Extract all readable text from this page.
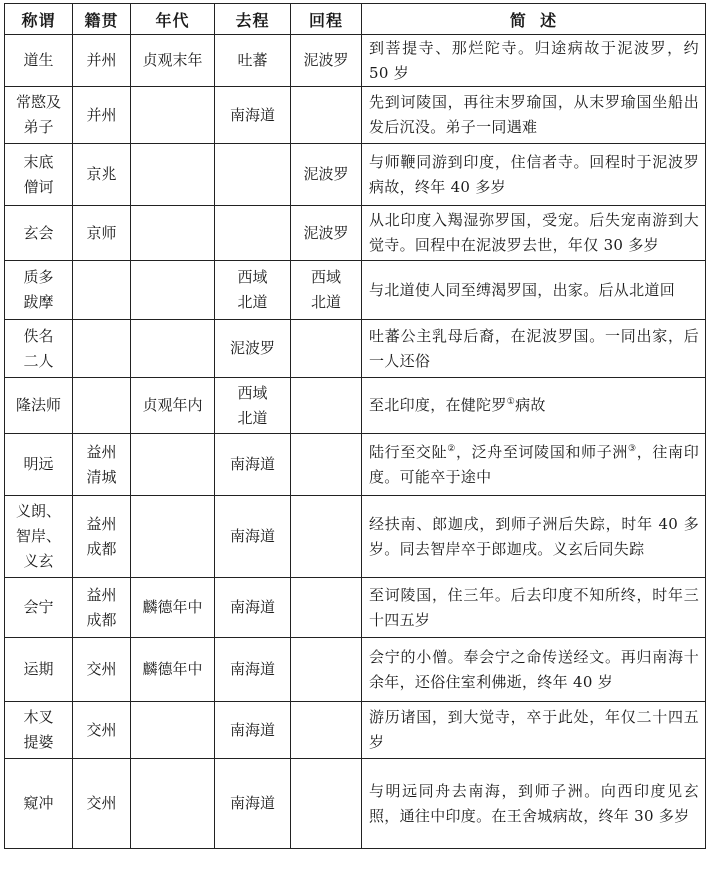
称谓	籍贯	年代	去程	回程	简  述

道生	并州	贞观末年	吐蕃	泥波罗	到菩提寺、那烂陀寺。归途病故于泥波罗，约 50 岁

常愍及
弟子	并州		南海道		先到诃陵国，再往末罗瑜国，从末罗瑜国坐船出发后沉没。弟子一同遇难

末底
僧诃	京兆			泥波罗	与师鞭同游到印度，住信者寺。回程时于泥波罗病故，终年 40 多岁

玄会	京师			泥波罗	从北印度入羯湿弥罗国，受宠。后失宠南游到大觉寺。回程中在泥波罗去世，年仅 30 多岁

质多
跋摩			西域
北道	西域
北道	与北道使人同至缚渴罗国，出家。后从北道回

佚名
二人			泥波罗		吐蕃公主乳母后裔，在泥波罗国。一同出家，后一人还俗

隆法师		贞观年内	西域
北道		至北印度，在健陀罗①病故

明远	益州
清城		南海道		陆行至交阯②，泛舟至诃陵国和师子洲③，往南印度。可能卒于途中

义朗、
智岸、
义玄	益州
成都		南海道		经扶南、郎迦戌，到师子洲后失踪，时年 40 多岁。同去智岸卒于郎迦戌。义玄后同失踪

会宁	益州
成都	麟德年中	南海道		至诃陵国，住三年。后去印度不知所终，时年三十四五岁

运期	交州	麟德年中	南海道		会宁的小僧。奉会宁之命传送经文。再归南海十余年，还俗住室利佛逝，终年 40 岁

木叉
提婆	交州		南海道		游历诸国，到大觉寺，卒于此处，年仅二十四五岁

窥冲	交州		南海道		与明远同舟去南海，到师子洲。向西印度见玄照，通往中印度。在王舍城病故，终年 30 多岁
